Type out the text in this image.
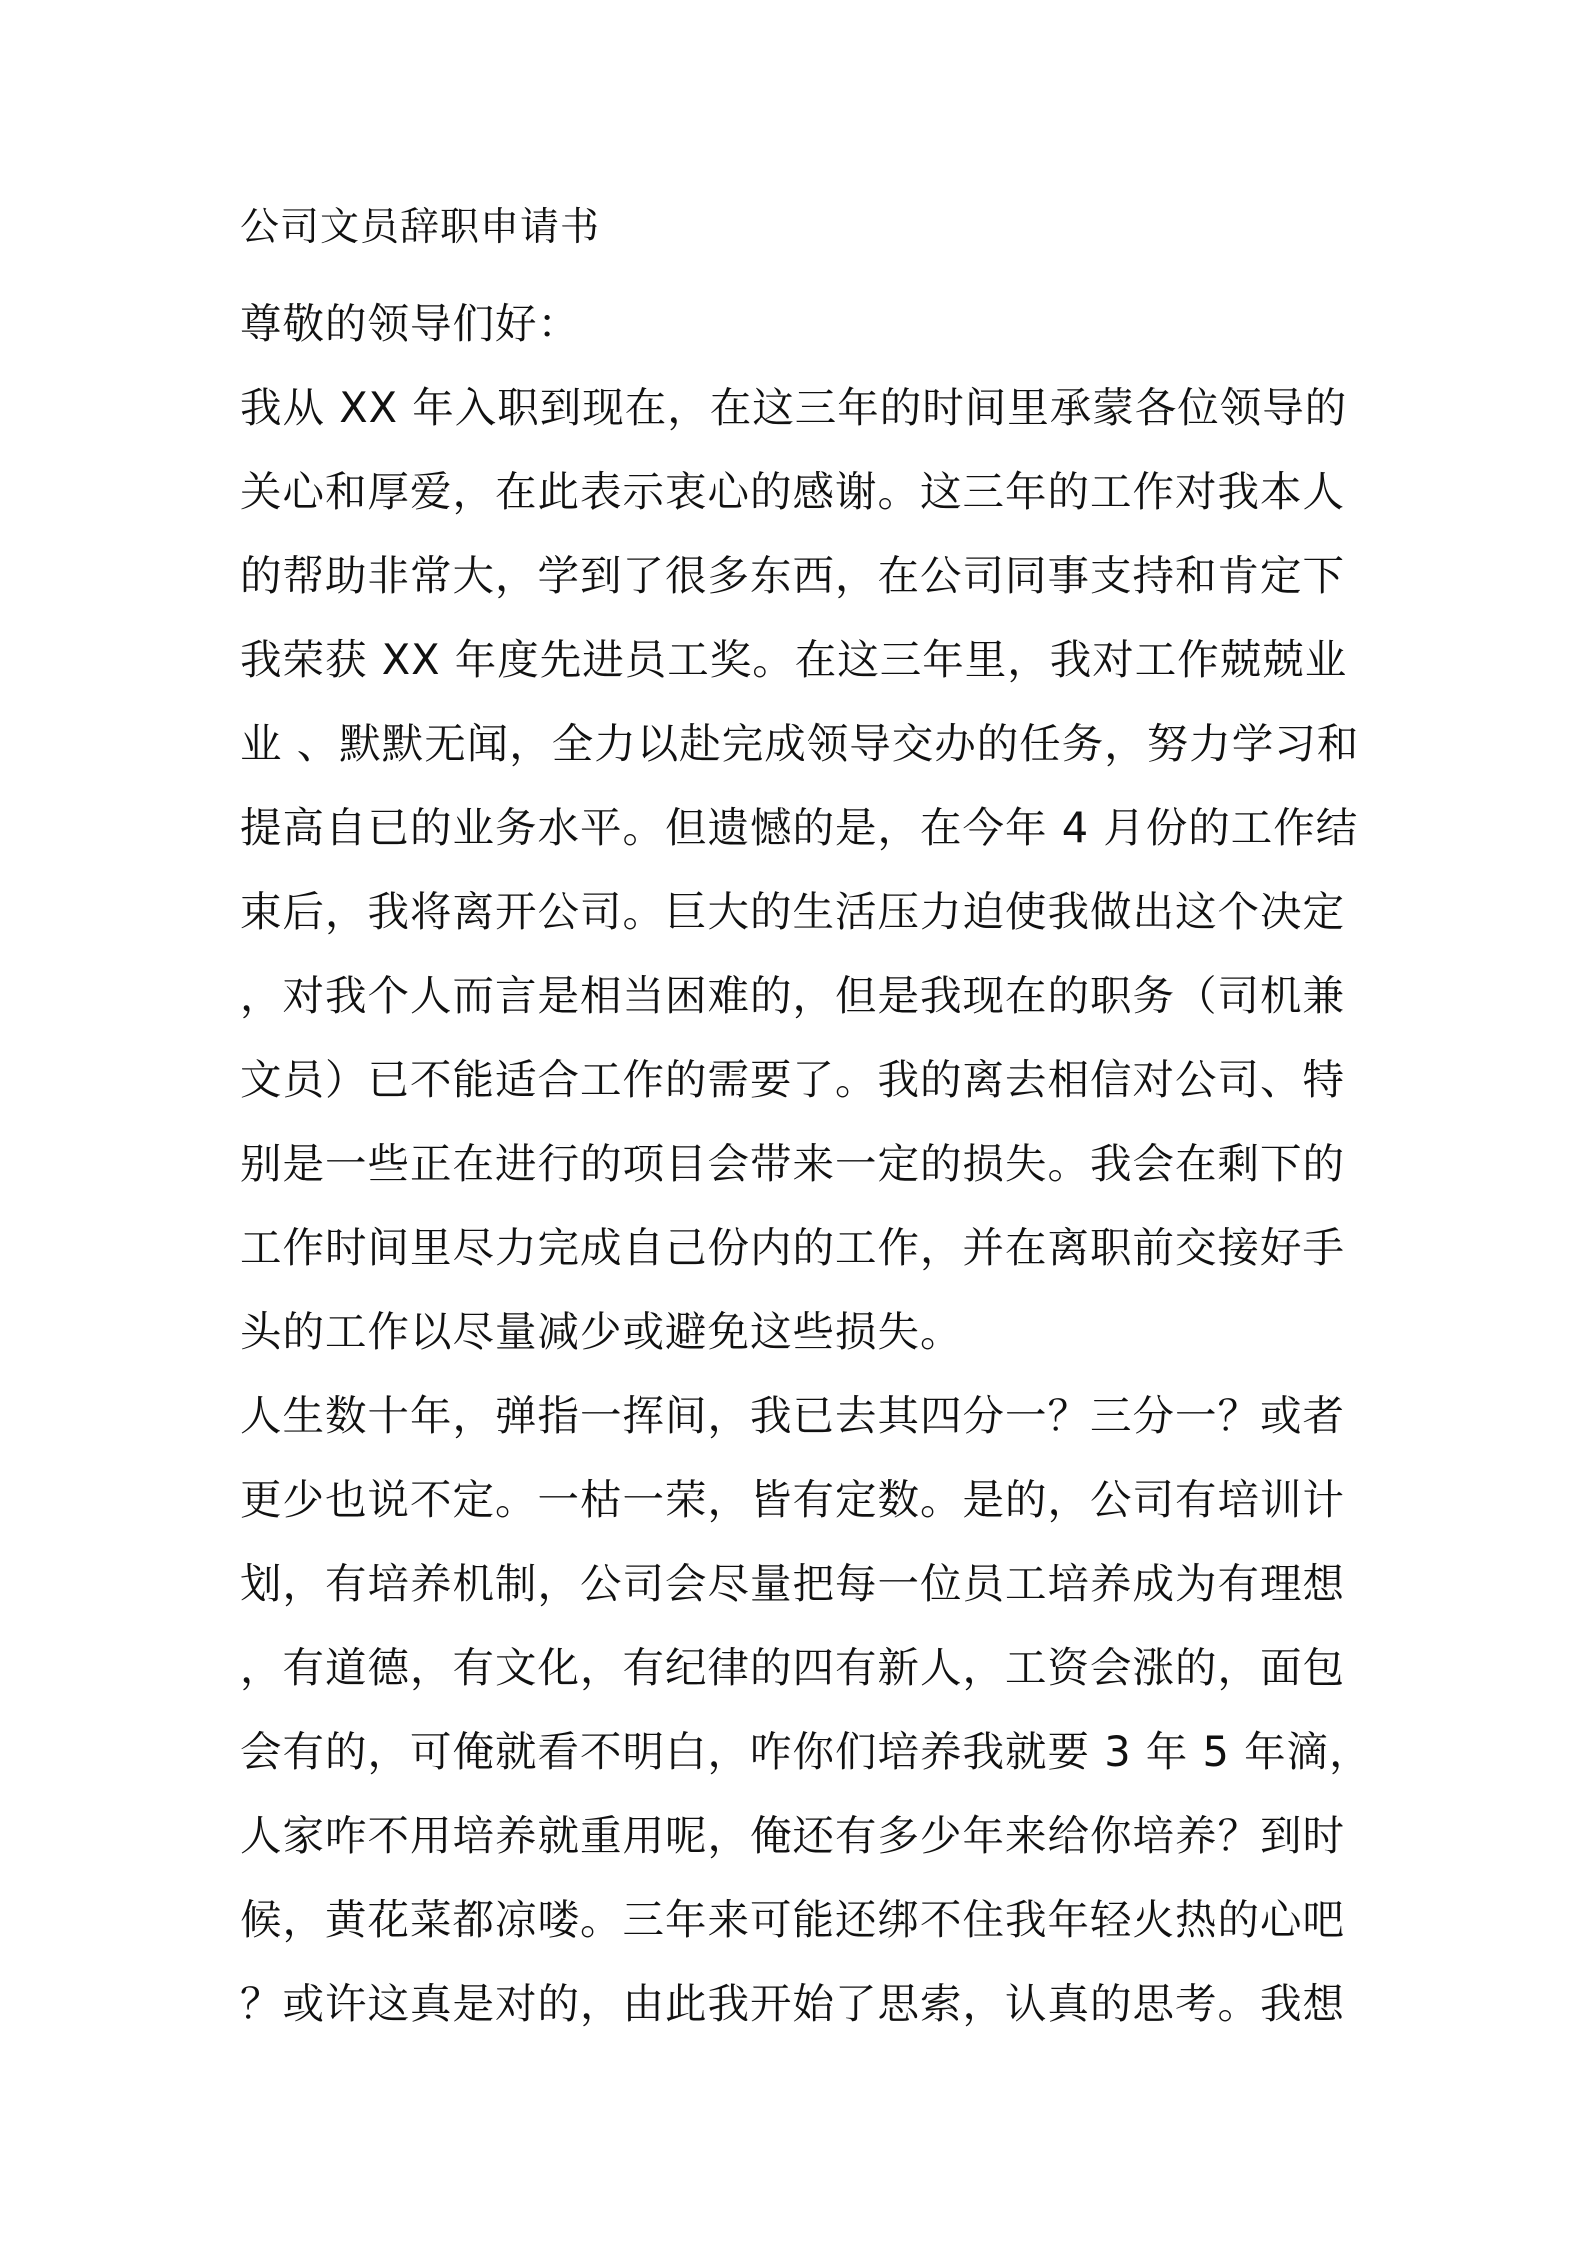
公司文员辞职申请书
尊敬的领导们好：
我从 XX 年入职到现在，在这三年的时间里承蒙各位领导的
关心和厚爱，在此表示衷心的感谢。这三年的工作对我本人
的帮助非常大，学到了很多东西，在公司同事支持和肯定下
我荣获 XX 年度先进员工奖。在这三年里，我对工作兢兢业
业 、默默无闻，全力以赴完成领导交办的任务，努力学习和
提高自已的业务水平。但遗憾的是，在今年 4 月份的工作结
束后，我将离开公司。巨大的生活压力迫使我做出这个决定
，对我个人而言是相当困难的，但是我现在的职务（司机兼
文员）已不能适合工作的需要了。我的离去相信对公司、特
别是一些正在进行的项目会带来一定的损失。我会在剩下的
工作时间里尽力完成自己份内的工作，并在离职前交接好手
头的工作以尽量减少或避免这些损失。
人生数十年，弹指一挥间，我已去其四分一？三分一？或者
更少也说不定。一枯一荣，皆有定数。是的，公司有培训计
划，有培养机制，公司会尽量把每一位员工培养成为有理想
，有道德，有文化，有纪律的四有新人，工资会涨的，面包
会有的，可俺就看不明白，咋你们培养我就要 3 年 5 年滴，
人家咋不用培养就重用呢，俺还有多少年来给你培养？到时
候，黄花菜都凉喽。三年来可能还绑不住我年轻火热的心吧
？或许这真是对的，由此我开始了思索，认真的思考。我想
